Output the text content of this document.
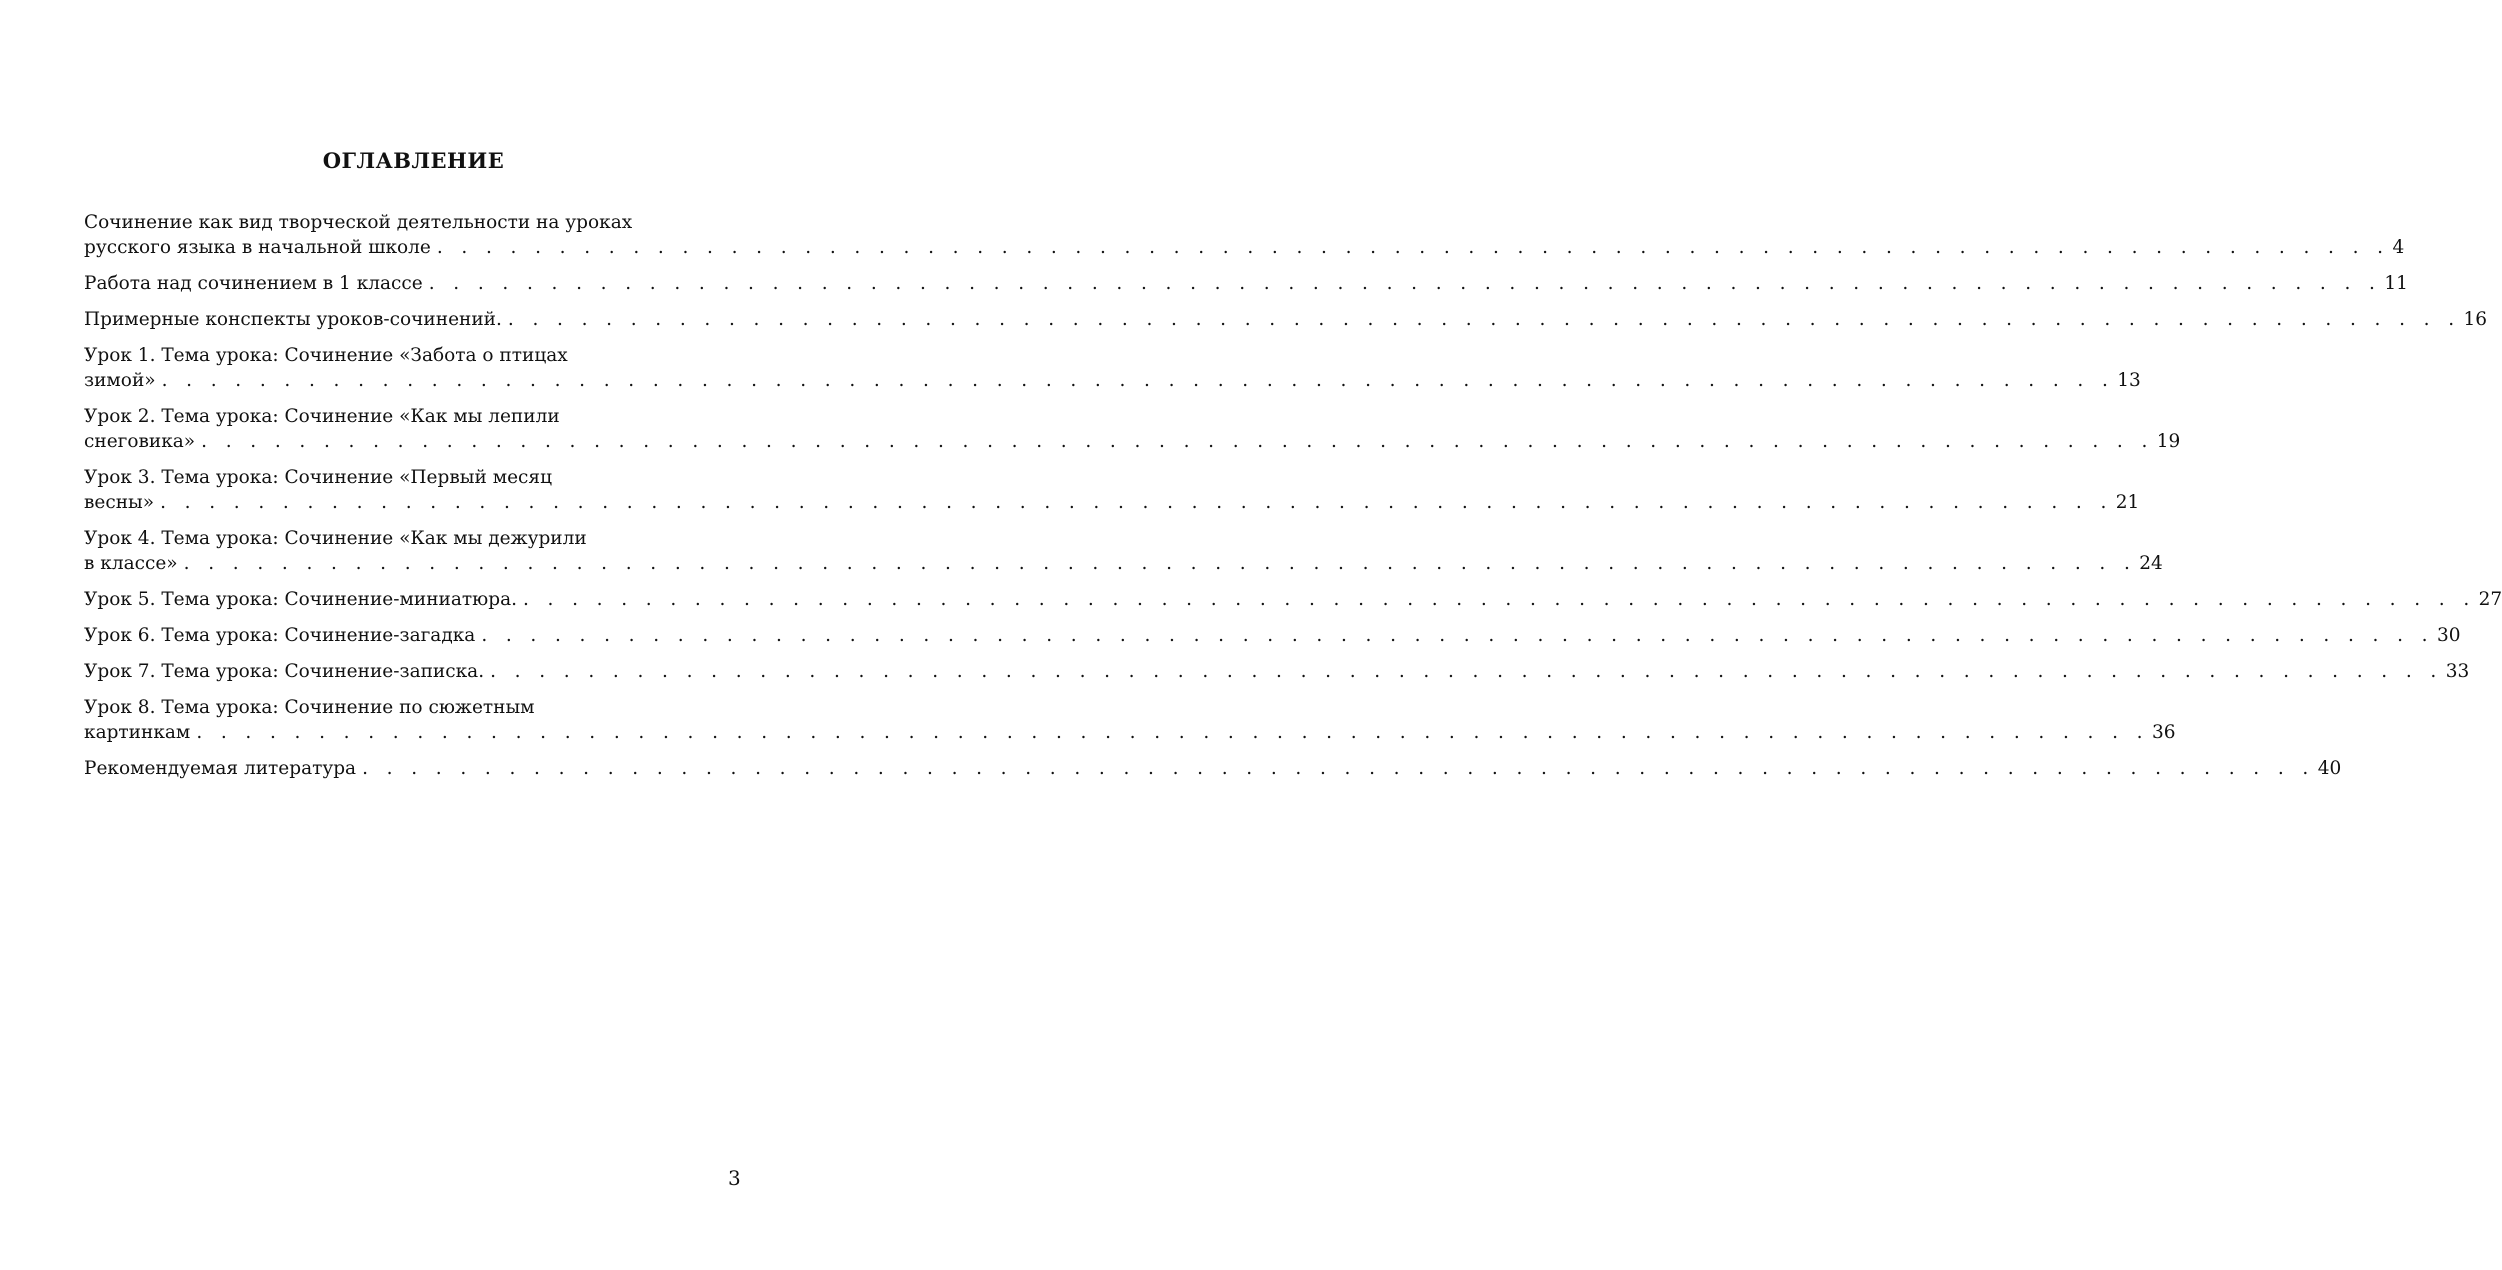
ОГЛАВЛЕНИЕ
Сочинение как вид творческой деятельности на уроках
русского языка в начальной школе . . . . . . . . . . . . . . . . . . . . . . . . . . . . . . . . . . . . . . . . . . . . . . . . . . . . . . . . . . . . . . . . . . . . . . . . . . . . . . . . 4
Работа над сочинением в 1 классе . . . . . . . . . . . . . . . . . . . . . . . . . . . . . . . . . . . . . . . . . . . . . . . . . . . . . . . . . . . . . . . . . . . . . . . . . . . . . . . . 11
Примерные конспекты уроков-сочинений. . . . . . . . . . . . . . . . . . . . . . . . . . . . . . . . . . . . . . . . . . . . . . . . . . . . . . . . . . . . . . . . . . . . . . . . . . . . . . . . . 16
Урок 1. Тема урока: Сочинение «Забота о птицах
зимой» . . . . . . . . . . . . . . . . . . . . . . . . . . . . . . . . . . . . . . . . . . . . . . . . . . . . . . . . . . . . . . . . . . . . . . . . . . . . . . . . 13
Урок 2. Тема урока: Сочинение «Как мы лепили
снеговика» . . . . . . . . . . . . . . . . . . . . . . . . . . . . . . . . . . . . . . . . . . . . . . . . . . . . . . . . . . . . . . . . . . . . . . . . . . . . . . . . 19
Урок 3. Тема урока: Сочинение «Первый месяц
весны» . . . . . . . . . . . . . . . . . . . . . . . . . . . . . . . . . . . . . . . . . . . . . . . . . . . . . . . . . . . . . . . . . . . . . . . . . . . . . . . . 21
Урок 4. Тема урока: Сочинение «Как мы дежурили
в классе» . . . . . . . . . . . . . . . . . . . . . . . . . . . . . . . . . . . . . . . . . . . . . . . . . . . . . . . . . . . . . . . . . . . . . . . . . . . . . . . . 24
Урок 5. Тема урока: Сочинение-миниатюра. . . . . . . . . . . . . . . . . . . . . . . . . . . . . . . . . . . . . . . . . . . . . . . . . . . . . . . . . . . . . . . . . . . . . . . . . . . . . . . . . 27
Урок 6. Тема урока: Сочинение-загадка . . . . . . . . . . . . . . . . . . . . . . . . . . . . . . . . . . . . . . . . . . . . . . . . . . . . . . . . . . . . . . . . . . . . . . . . . . . . . . . . 30
Урок 7. Тема урока: Сочинение-записка. . . . . . . . . . . . . . . . . . . . . . . . . . . . . . . . . . . . . . . . . . . . . . . . . . . . . . . . . . . . . . . . . . . . . . . . . . . . . . . . . 33
Урок 8. Тема урока: Сочинение по сюжетным
картинкам . . . . . . . . . . . . . . . . . . . . . . . . . . . . . . . . . . . . . . . . . . . . . . . . . . . . . . . . . . . . . . . . . . . . . . . . . . . . . . . . 36
Рекомендуемая литература . . . . . . . . . . . . . . . . . . . . . . . . . . . . . . . . . . . . . . . . . . . . . . . . . . . . . . . . . . . . . . . . . . . . . . . . . . . . . . . . 40
3
